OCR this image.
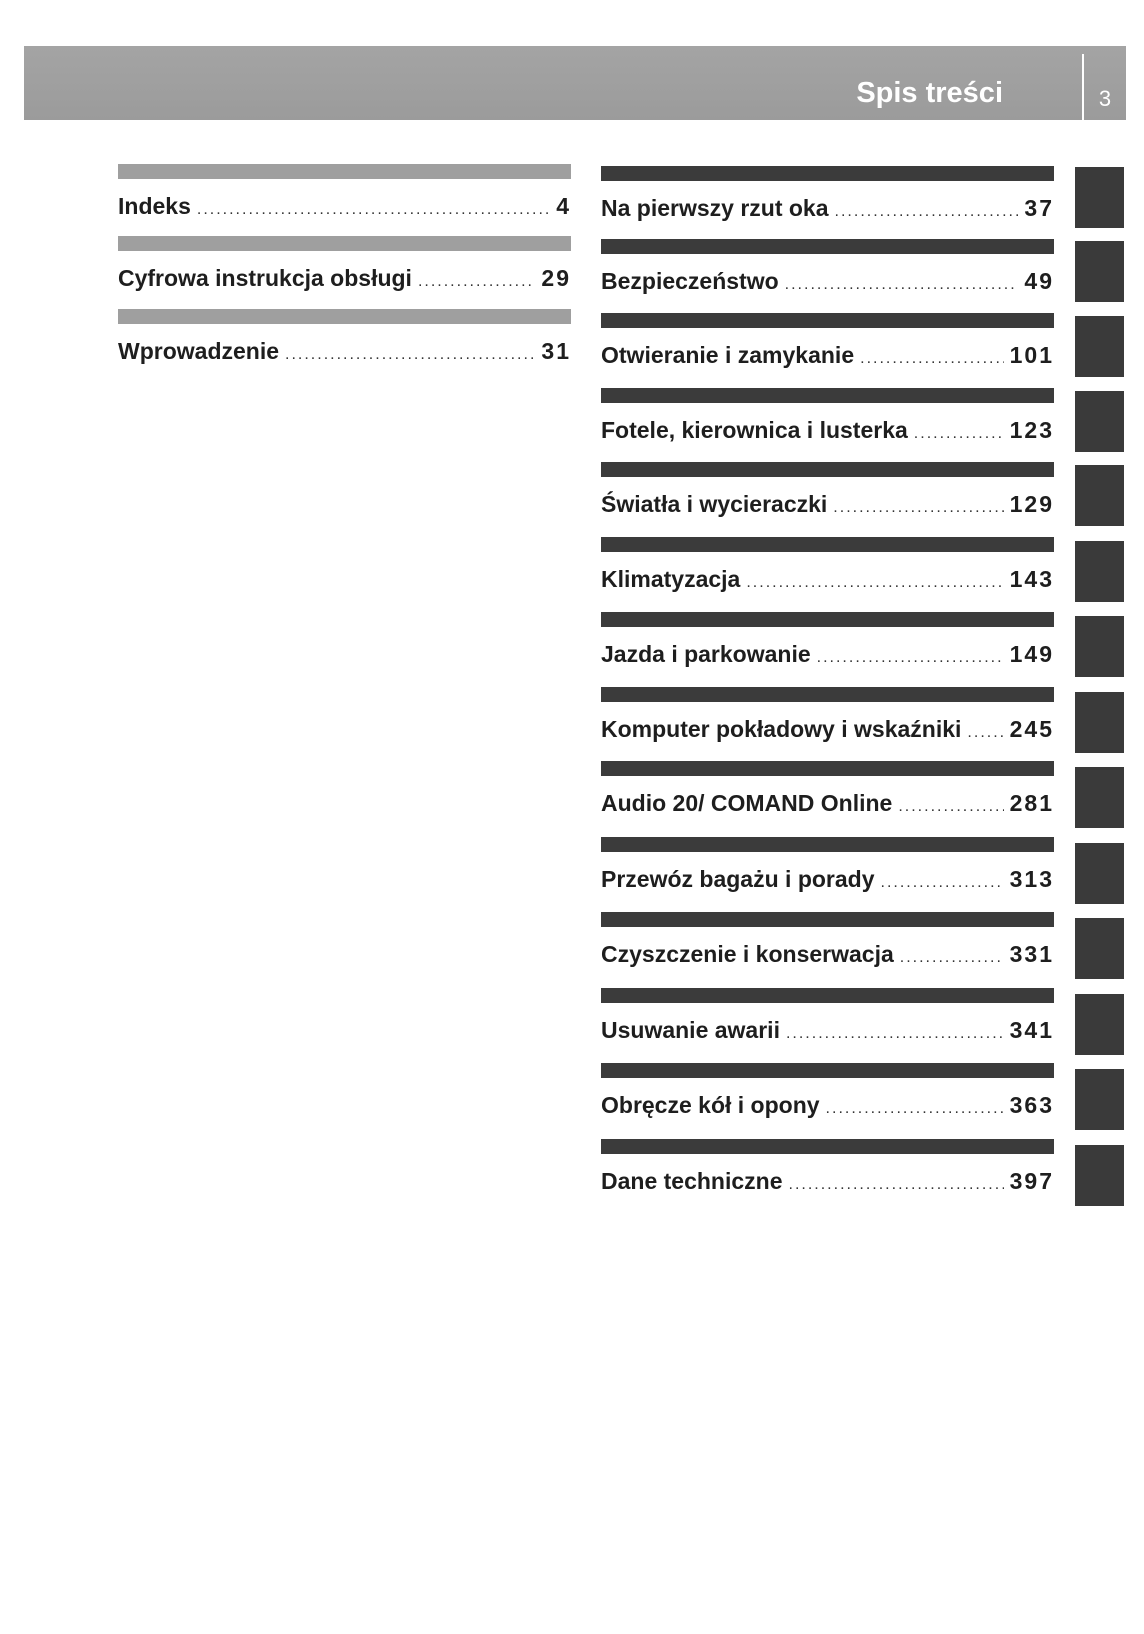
Spis treści	3
Indeks .....	4
Cyfrowa instrukcja obsługi .....	29
Wprowadzenie .....	31
Na pierwszy rzut oka .....	37
Bezpieczeństwo .....	49
Otwieranie i zamykanie .....	101
Fotele, kierownica i lusterka .....	123
Światła i wycieraczki .....	129
Klimatyzacja .....	143
Jazda i parkowanie .....	149
Komputer pokładowy i wskaźniki ..... 245
Audio 20/ COMAND Online .....	281
Przewóz bagażu i porady .....	313
Czyszczenie i konserwacja .....	331
Usuwanie awarii .....	341
Obręcze kół i opony .....	363
Dane techniczne .....	397
